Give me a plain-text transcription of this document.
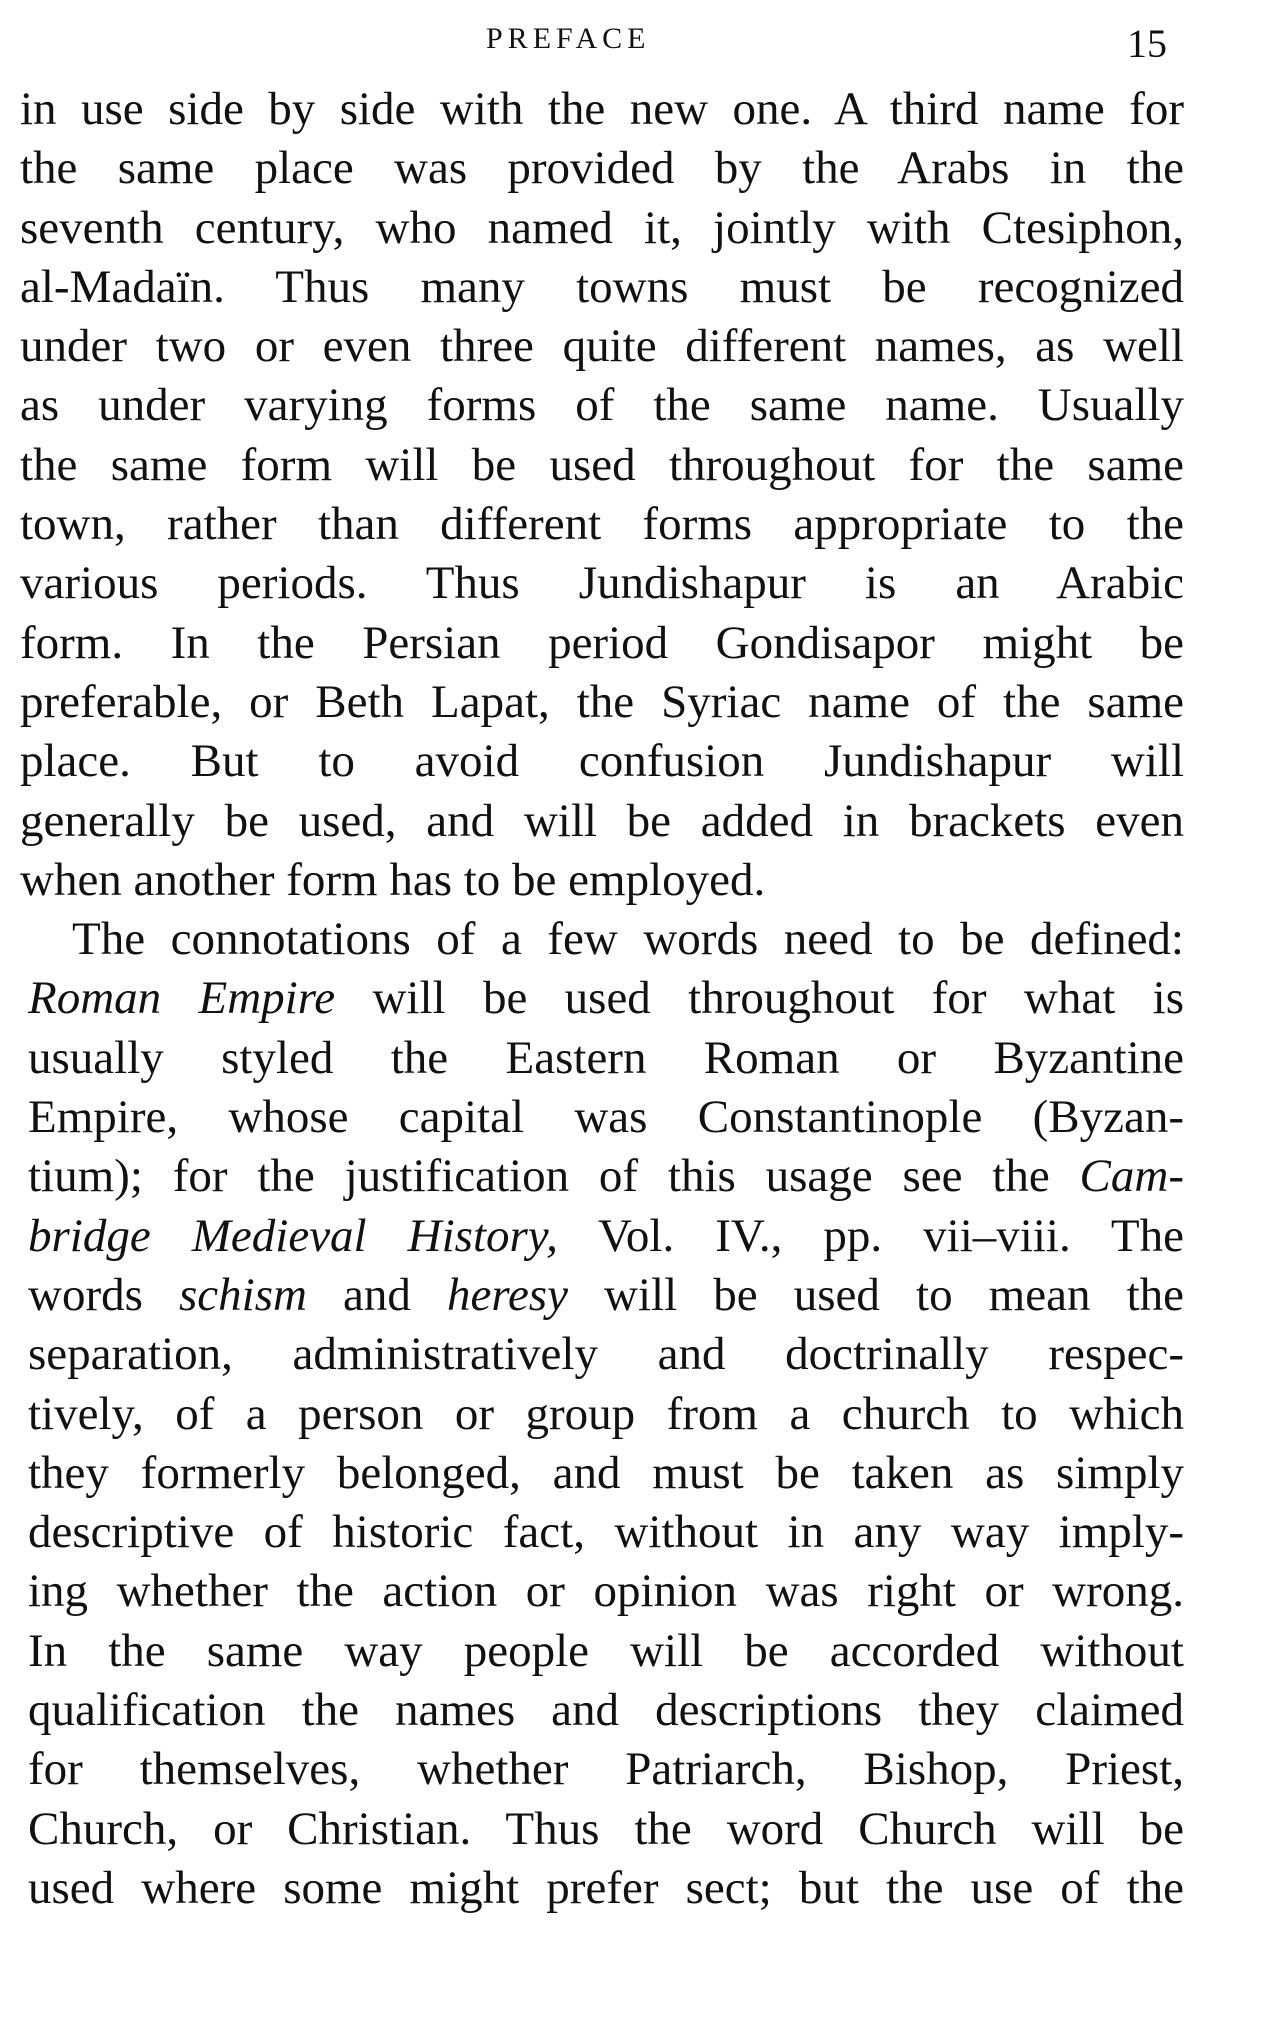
PREFACE	15
in use side by side with the new one. A third name for
the same place was provided by the Arabs in the
seventh century, who named it, jointly with Ctesiphon,
al-Madaïn. Thus many towns must be recognized
under two or even three quite different names, as well
as under varying forms of the same name. Usually
the same form will be used throughout for the same
town, rather than different forms appropriate to the
various periods. Thus Jundishapur is an Arabic
form. In the Persian period Gondisapor might be
preferable, or Beth Lapat, the Syriac name of the same
place. But to avoid confusion Jundishapur will
generally be used, and will be added in brackets even
when another form has to be employed.
The connotations of a few words need to be defined:
Roman Empire will be used throughout for what is
usually styled the Eastern Roman or Byzantine
Empire, whose capital was Constantinople (Byzan-
tium); for the justification of this usage see the Cam-
bridge Medieval History, Vol. IV., pp. vii–viii. The
words schism and heresy will be used to mean the
separation, administratively and doctrinally respec-
tively, of a person or group from a church to which
they formerly belonged, and must be taken as simply
descriptive of historic fact, without in any way imply-
ing whether the action or opinion was right or wrong.
In the same way people will be accorded without
qualification the names and descriptions they claimed
for themselves, whether Patriarch, Bishop, Priest,
Church, or Christian. Thus the word Church will be
used where some might prefer sect; but the use of the
